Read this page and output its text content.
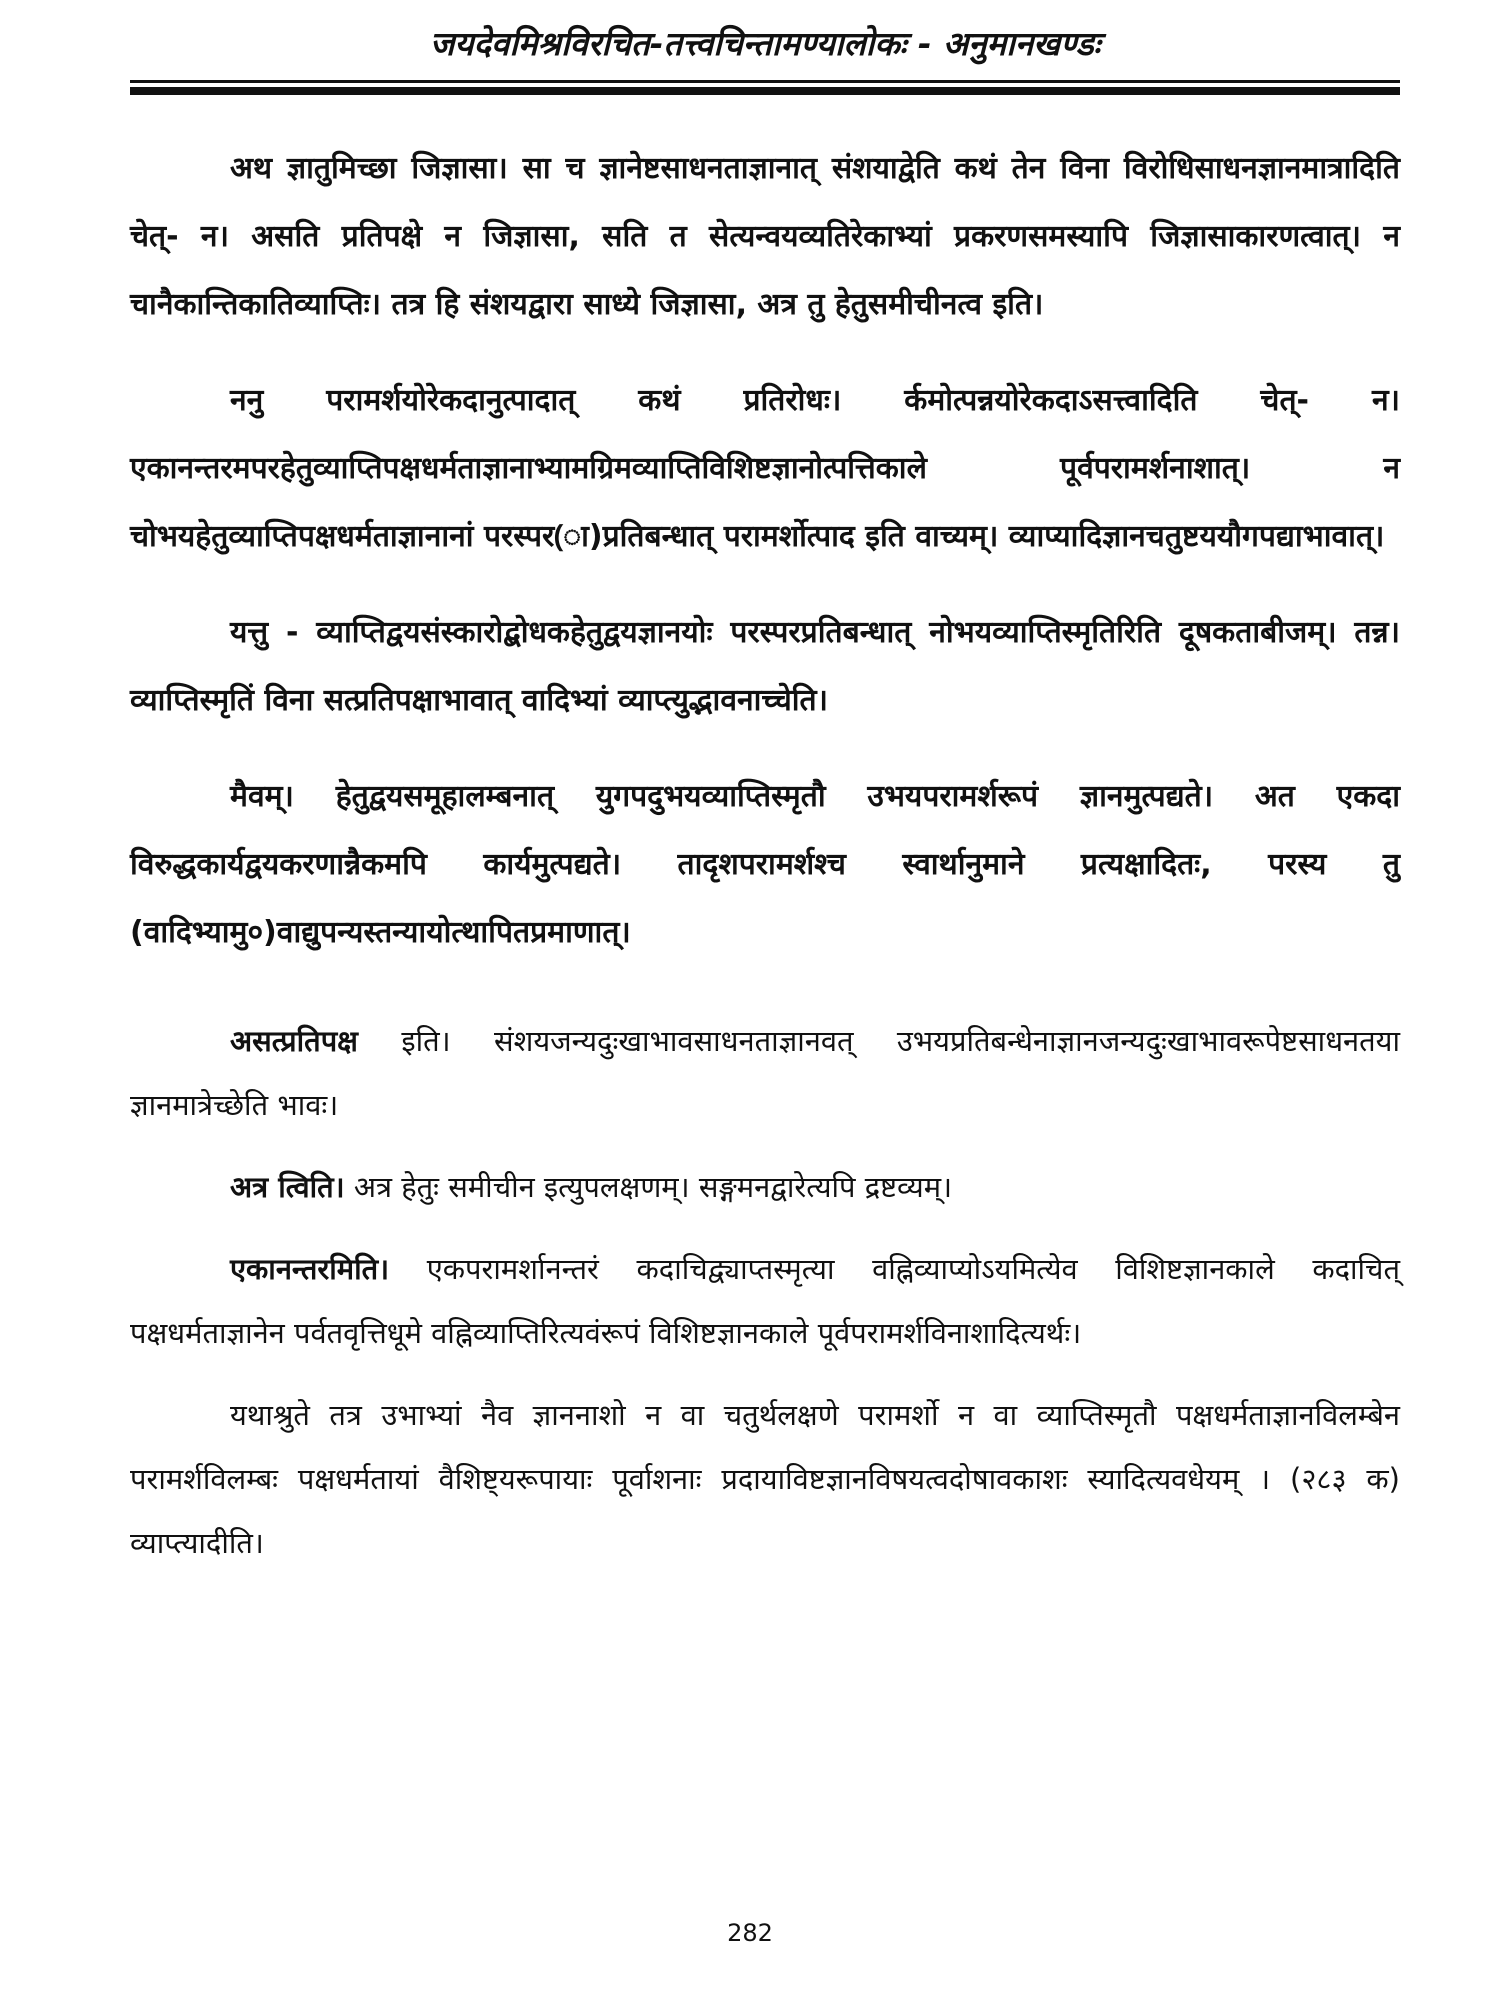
जयदेवमिश्रविरचित-तत्त्वचिन्तामण्यालोकः - अनुमानखण्डः

अथ ज्ञातुमिच्छा जिज्ञासा। सा च ज्ञानेष्टसाधनताज्ञानात् संशयाद्वेति कथं तेन विना विरोधिसाधनज्ञानमात्रादिति चेत्- न। असति प्रतिपक्षे न जिज्ञासा, सति त सेत्यन्वयव्यतिरेकाभ्यां प्रकरणसमस्यापि जिज्ञासाकारणत्वात्। न चानैकान्तिकातिव्याप्तिः। तत्र हि संशयद्वारा साध्ये जिज्ञासा, अत्र तु हेतुसमीचीनत्व इति।

ननु परामर्शयोरेकदानुत्पादात् कथं प्रतिरोधः। र्कमोत्पन्नयोरेकदाऽसत्त्वादिति चेत्- न। एकानन्तरमपरहेतुव्याप्तिपक्षधर्मताज्ञानाभ्यामग्रिमव्याप्तिविशिष्टज्ञानोत्पत्तिकाले पूर्वपरामर्शनाशात्। न चोभयहेतुव्याप्तिपक्षधर्मताज्ञानानां परस्पर(ा)प्रतिबन्धात् परामर्शोत्पाद इति वाच्यम्। व्याप्यादिज्ञानचतुष्टययौगपद्याभावात्।

यत्तु - व्याप्तिद्वयसंस्कारोद्बोधकहेतुद्वयज्ञानयोः परस्परप्रतिबन्धात् नोभयव्याप्तिस्मृतिरिति दूषकताबीजम्। तन्न। व्याप्तिस्मृतिं विना सत्प्रतिपक्षाभावात् वादिभ्यां व्याप्त्युद्भावनाच्चेति।

मैवम्। हेतुद्वयसमूहालम्बनात् युगपदुभयव्याप्तिस्मृतौ उभयपरामर्शरूपं ज्ञानमुत्पद्यते। अत एकदा विरुद्धकार्यद्वयकरणान्नैकमपि कार्यमुत्पद्यते। तादृशपरामर्शश्च स्वार्थानुमाने प्रत्यक्षादितः, परस्य तु (वादिभ्यामु०)वाद्युपन्यस्तन्यायोत्थापितप्रमाणात्।

असत्प्रतिपक्ष इति। संशयजन्यदुःखाभावसाधनताज्ञानवत् उभयप्रतिबन्धेनाज्ञानजन्यदुःखाभावरूपेष्टसाधनतया ज्ञानमात्रेच्छेति भावः।

अत्र त्विति। अत्र हेतुः समीचीन इत्युपलक्षणम्। सङ्गमनद्वारेत्यपि द्रष्टव्यम्।

एकानन्तरमिति। एकपरामर्शानन्तरं कदाचिद्व्याप्तस्मृत्या वह्निव्याप्योऽयमित्येव विशिष्टज्ञानकाले कदाचित् पक्षधर्मताज्ञानेन पर्वतवृत्तिधूमे वह्निव्याप्तिरित्यवंरूपं विशिष्टज्ञानकाले पूर्वपरामर्शविनाशादित्यर्थः।

यथाश्रुते तत्र उभाभ्यां नैव ज्ञाननाशो न वा चतुर्थलक्षणे परामर्शो न वा व्याप्तिस्मृतौ पक्षधर्मताज्ञानविलम्बेन परामर्शविलम्बः पक्षधर्मतायां वैशिष्ट्यरूपायाः पूर्वाशनाः प्रदायाविष्टज्ञानविषयत्वदोषावकाशः स्यादित्यवधेयम् । (२८३ क) व्याप्त्यादीति।

282
